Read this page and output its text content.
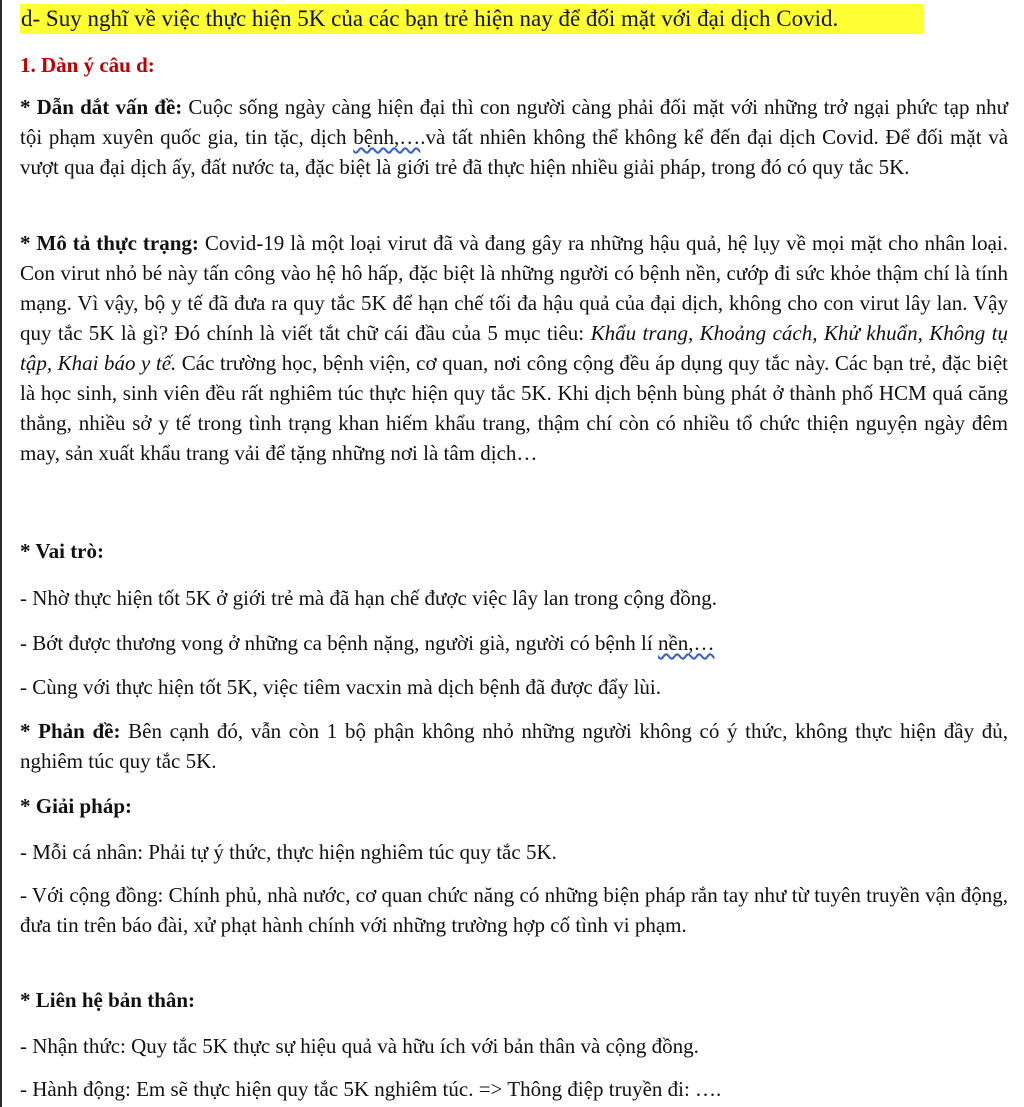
d- Suy nghĩ về việc thực hiện 5K của các bạn trẻ hiện nay để đối mặt với đại dịch Covid.
1. Dàn ý câu d:
* Dẫn dắt vấn đề: Cuộc sống ngày càng hiện đại thì con người càng phải đối mặt với những trở ngại phức tạp như tội phạm xuyên quốc gia, tin tặc, dịch bệnh,….và tất nhiên không thể không kể đến đại dịch Covid. Để đối mặt và vượt qua đại dịch ấy, đất nước ta, đặc biệt là giới trẻ đã thực hiện nhiều giải pháp, trong đó có quy tắc 5K.
* Mô tả thực trạng: Covid-19 là một loại virut đã và đang gây ra những hậu quả, hệ lụy về mọi mặt cho nhân loại. Con virut nhỏ bé này tấn công vào hệ hô hấp, đặc biệt là những người có bệnh nền, cướp đi sức khỏe thậm chí là tính mạng. Vì vậy, bộ y tế đã đưa ra quy tắc 5K để hạn chế tối đa hậu quả của đại dịch, không cho con virut lây lan. Vậy quy tắc 5K là gì? Đó chính là viết tắt chữ cái đầu của 5 mục tiêu: Khẩu trang, Khoảng cách, Khử khuẩn, Không tụ tập, Khai báo y tế. Các trường học, bệnh viện, cơ quan, nơi công cộng đều áp dụng quy tắc này. Các bạn trẻ, đặc biệt là học sinh, sinh viên đều rất nghiêm túc thực hiện quy tắc 5K. Khi dịch bệnh bùng phát ở thành phố HCM quá căng thẳng, nhiều sở y tế trong tình trạng khan hiếm khẩu trang, thậm chí còn có nhiều tổ chức thiện nguyện ngày đêm may, sản xuất khẩu trang vải để tặng những nơi là tâm dịch…
* Vai trò:
- Nhờ thực hiện tốt 5K ở giới trẻ mà đã hạn chế được việc lây lan trong cộng đồng.
- Bớt được thương vong ở những ca bệnh nặng, người già, người có bệnh lí nền,…
- Cùng với thực hiện tốt 5K, việc tiêm vacxin mà dịch bệnh đã được đẩy lùi.
* Phản đề: Bên cạnh đó, vẫn còn 1 bộ phận không nhỏ những người không có ý thức, không thực hiện đầy đủ, nghiêm túc quy tắc 5K.
* Giải pháp:
- Mỗi cá nhân: Phải tự ý thức, thực hiện nghiêm túc quy tắc 5K.
- Với cộng đồng: Chính phủ, nhà nước, cơ quan chức năng có những biện pháp rắn tay như từ tuyên truyền vận động, đưa tin trên báo đài, xử phạt hành chính với những trường hợp cố tình vi phạm.
* Liên hệ bản thân:
- Nhận thức: Quy tắc 5K thực sự hiệu quả và hữu ích với bản thân và cộng đồng.
- Hành động: Em sẽ thực hiện quy tắc 5K nghiêm túc. => Thông điệp truyền đi: ….
